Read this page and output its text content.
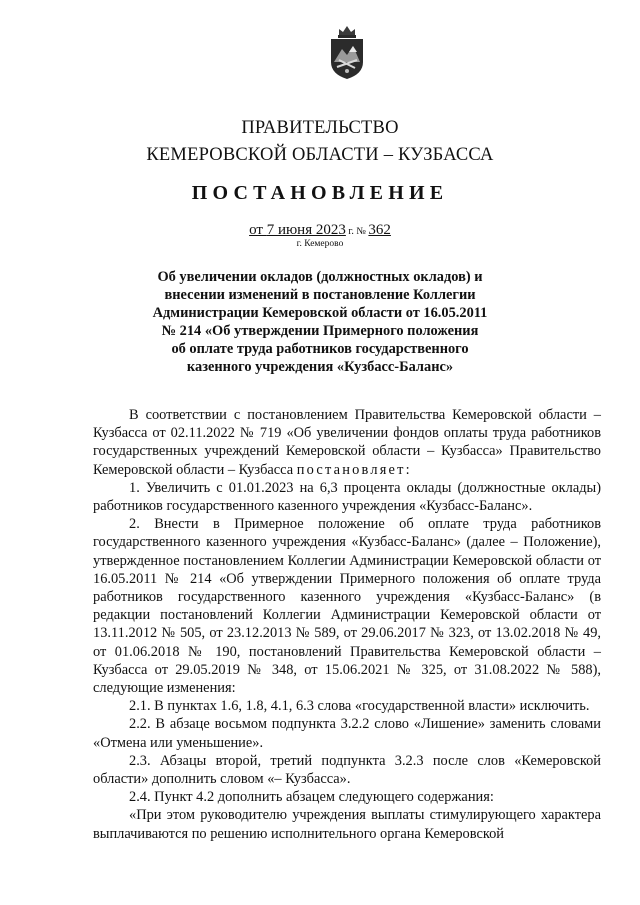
ПРАВИТЕЛЬСТВО
КЕМЕРОВСКОЙ ОБЛАСТИ – КУЗБАССА
ПОСТАНОВЛЕНИЕ
от 7 июня 2023 г. № 362
г. Кемерово
Об увеличении окладов (должностных окладов) и
внесении изменений в постановление Коллегии
Администрации Кемеровской области от 16.05.2011
№ 214 «Об утверждении Примерного положения
об оплате труда работников государственного
казенного учреждения «Кузбасс-Баланс»

В соответствии с постановлением Правительства Кемеровской области – Кузбасса от 02.11.2022 № 719 «Об увеличении фондов оплаты труда работников государственных учреждений Кемеровской области – Кузбасса» Правительство Кемеровской области – Кузбасса постановляет:

1. Увеличить с 01.01.2023 на 6,3 процента оклады (должностные оклады) работников государственного казенного учреждения «Кузбасс-Баланс».

2. Внести в Примерное положение об оплате труда работников государственного казенного учреждения «Кузбасс-Баланс» (далее – Положение), утвержденное постановлением Коллегии Администрации Кемеровской области от 16.05.2011 № 214 «Об утверждении Примерного положения об оплате труда работников государственного казенного учреждения «Кузбасс-Баланс» (в редакции постановлений Коллегии Администрации Кемеровской области от 13.11.2012 № 505, от 23.12.2013 № 589, от 29.06.2017 № 323, от 13.02.2018 № 49, от 01.06.2018 № 190, постановлений Правительства Кемеровской области – Кузбасса от 29.05.2019 № 348, от 15.06.2021 № 325, от 31.08.2022 № 588), следующие изменения:

2.1. В пунктах 1.6, 1.8, 4.1, 6.3 слова «государственной власти» исключить.

2.2. В абзаце восьмом подпункта 3.2.2 слово «Лишение» заменить словами «Отмена или уменьшение».

2.3. Абзацы второй, третий подпункта 3.2.3 после слов «Кемеровской области» дополнить словом «– Кузбасса».

2.4. Пункт 4.2 дополнить абзацем следующего содержания:

«При этом руководителю учреждения выплаты стимулирующего характера выплачиваются по решению исполнительного органа Кемеровской
